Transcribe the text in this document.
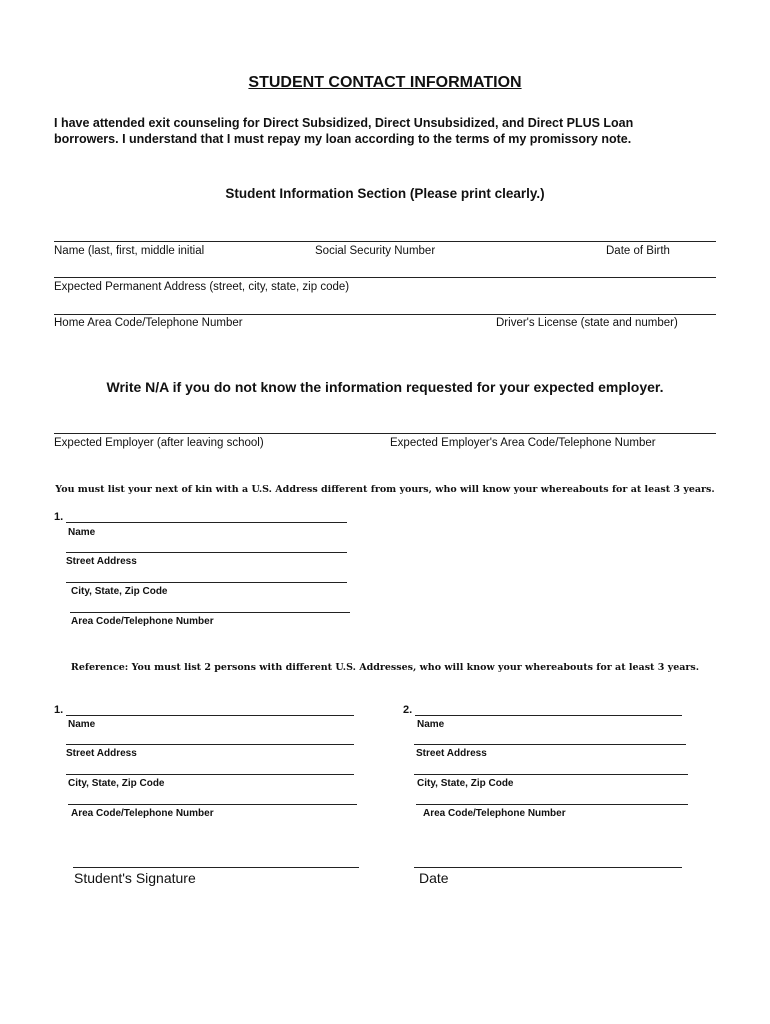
STUDENT CONTACT INFORMATION
I have attended exit counseling for Direct Subsidized, Direct Unsubsidized, and Direct PLUS Loan borrowers. I understand that I must repay my loan according to the terms of my promissory note.
Student Information Section (Please print clearly.)
Name (last, first, middle initial	Social Security Number	Date of Birth
Expected Permanent Address (street, city, state, zip code)
Home Area Code/Telephone Number	Driver's License (state and number)
Write N/A if you do not know the information requested for your expected employer.
Expected Employer (after leaving school)	Expected Employer's Area Code/Telephone Number
You must list your next of kin with a U.S. Address different from yours, who will know your whereabouts for at least 3 years.
1.
Name
Street Address
City, State, Zip Code
Area Code/Telephone Number
Reference: You must list 2 persons with different U.S. Addresses, who will know your whereabouts for at least 3 years.
1.
Name
Street Address
City, State, Zip Code
Area Code/Telephone Number
2.
Name
Street Address
City, State, Zip Code
Area Code/Telephone Number
Student's Signature	Date
